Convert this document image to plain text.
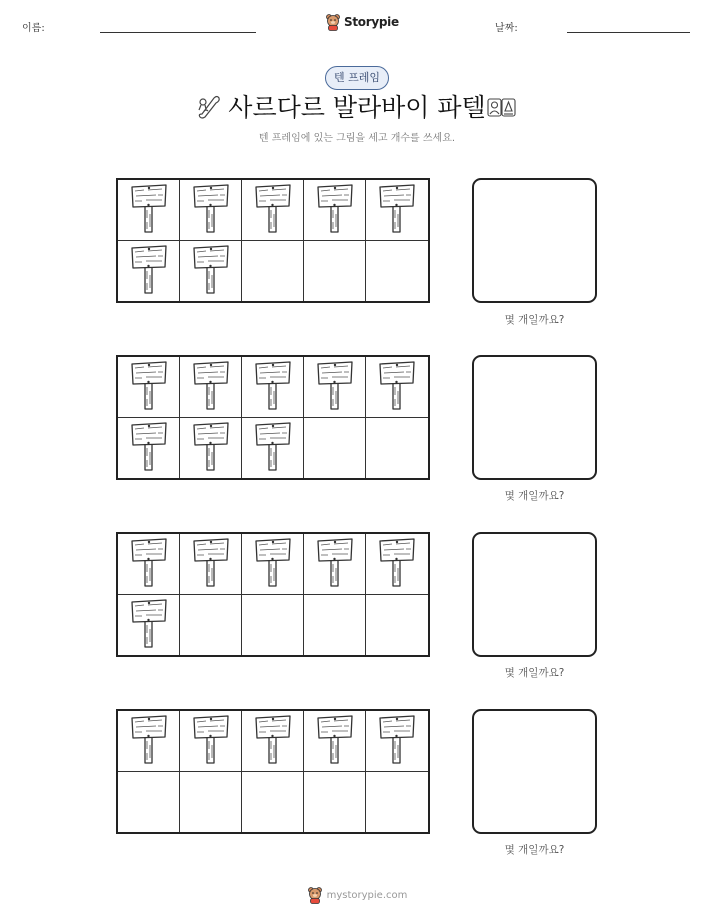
이름:	Storypie	날짜:
텐 프레임
사르다르 발라바이 파텔
텐 프레임에 있는 그림을 세고 개수를 쓰세요.
몇 개일까요?
몇 개일까요?
몇 개일까요?
몇 개일까요?
mystorypie.com
